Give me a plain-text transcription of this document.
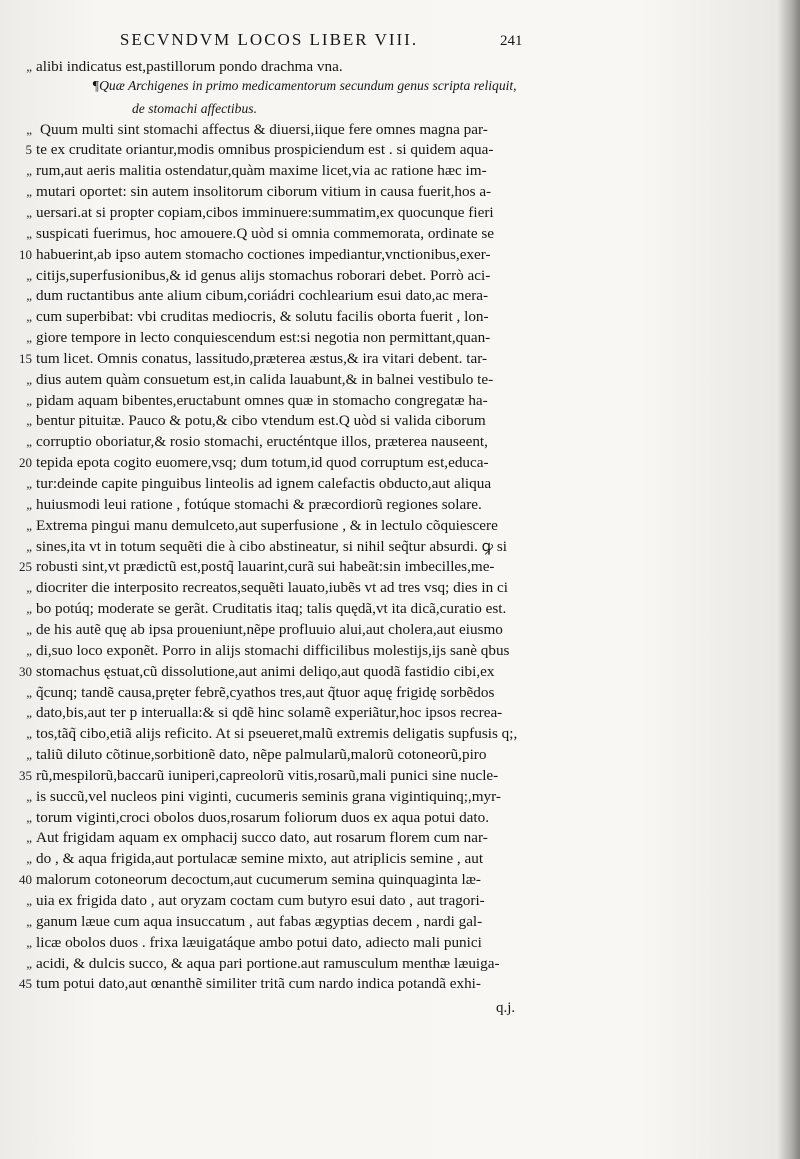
SECVNDVM LOCOS LIBER VIII.	241
„ alibi indicatus est,pastillorum pondo drachma vna.
¶Quæ Archigenes in primo medicamentorum secundum genus scripta reliquit,
de stomachi affectibus.
„ Quum multi sint stomachi affectus & diuersi,iique fere omnes magna par-
5 te ex cruditate oriantur,modis omnibus prospiciendum est . si quidem aqua-
„ rum,aut aeris malitia ostendatur,quàm maxime licet,via ac ratione hæc im-
„ mutari oportet: sin autem insolitorum ciborum vitium in causa fuerit,hos a-
„ uersari.at si propter copiam,cibos imminuere:summatim,ex quocunque fieri
„ suspicati fuerimus, hoc amouere.Q uòd si omnia commemorata, ordinate se
10 habuerint,ab ipso autem stomacho coctiones impediantur,vnctionibus,exer-
„ citijs,superfusionibus,& id genus alijs stomachus roborari debet. Porrò aci-
„ dum ructantibus ante alium cibum,coriádri cochlearium esui dato,ac mera-
„ cum superbibat: vbi cruditas mediocris, & solutu facilis oborta fuerit , lon-
„ giore tempore in lecto conquiescendum est:si negotia non permittant,quan-
15 tum licet. Omnis conatus, lassitudo,præterea æstus,& ira vitari debent. tar-
„ dius autem quàm consuetum est,in calida lauabunt,& in balnei vestibulo te-
„ pidam aquam bibentes,eructabunt omnes quæ in stomacho congregatæ ha-
„ bentur pituitæ. Pauco & potu,& cibo vtendum est.Q uòd si valida ciborum
„ corruptio oboriatur,& rosio stomachi, eructéntque illos, præterea nauseent,
20 tepida epota cogito euomere,vsq; dum totum,id quod corruptum est,educa-
„ tur:deinde capite pinguibus linteolis ad ignem calefactis obducto,aut aliqua
„ huiusmodi leui ratione , fotúque stomachi & præcordiorũ regiones solare.
„ Extrema pingui manu demulceto,aut superfusione , & in lectulo cõquiescere
„ sines,ita vt in totum sequẽti die à cibo abstineatur, si nihil seq̃tur absurdi. ꝙ si
25 robusti sint,vt prædictũ est,postq̃ lauarint,curã sui habeãt:sin imbecilles,me-
„ diocriter die interposito recreatos,sequẽti lauato,iubẽs vt ad tres vsq; dies in ci
„ bo potúq; moderate se gerãt. Cruditatis itaq; talis quędã,vt ita dicã,curatio est.
„ de his autẽ quę ab ipsa proueniunt,nẽpe profluuio alui,aut cholera,aut eiusmo
„ di,suo loco exponẽt. Porro in alijs stomachi difficilibus molestijs,ijs sanè qbus
30 stomachus ęstuat,cũ dissolutione,aut animi deliqo,aut quodã fastidio cibi,ex
„ q̃cunq; tandẽ causa,pręter febrẽ,cyathos tres,aut q̃tuor aquę frigidę sorbẽdos
„ dato,bis,aut ter p interualla:& si qdẽ hinc solamẽ experiãtur,hoc ipsos recrea-
„ tos,tãq̃ cibo,etiã alijs reficito. At si pseueret,malũ extremis deligatis supfusis q;,
„ taliũ diluto cõtinue,sorbitionẽ dato, nẽpe palmularũ,malorũ cotoneorũ,piro
35 rũ,mespilorũ,baccarũ iuniperi,capreolorũ vitis,rosarũ,mali punici sine nucle-
„ is succũ,vel nucleos pini viginti, cucumeris seminis grana vigintiquinq;,myr-
„ torum viginti,croci obolos duos,rosarum foliorum duos ex aqua potui dato.
„ Aut frigidam aquam ex omphacij succo dato, aut rosarum florem cum nar-
„ do , & aqua frigida,aut portulacæ semine mixto, aut atriplicis semine , aut
40 malorum cotoneorum decoctum,aut cucumerum semina quinquaginta læ-
„ uia ex frigida dato , aut oryzam coctam cum butyro esui dato , aut tragori-
„ ganum læue cum aqua insuccatum , aut fabas ægyptias decem , nardi gal-
„ licæ obolos duos . frixa læuigatáque ambo potui dato, adiecto mali punici
„ acidi, & dulcis succo, & aqua pari portione.aut ramusculum menthæ læuiga-
45 tum potui dato,aut œnanthẽ similiter tritã cum nardo indica potandã exhi-
q.j.
